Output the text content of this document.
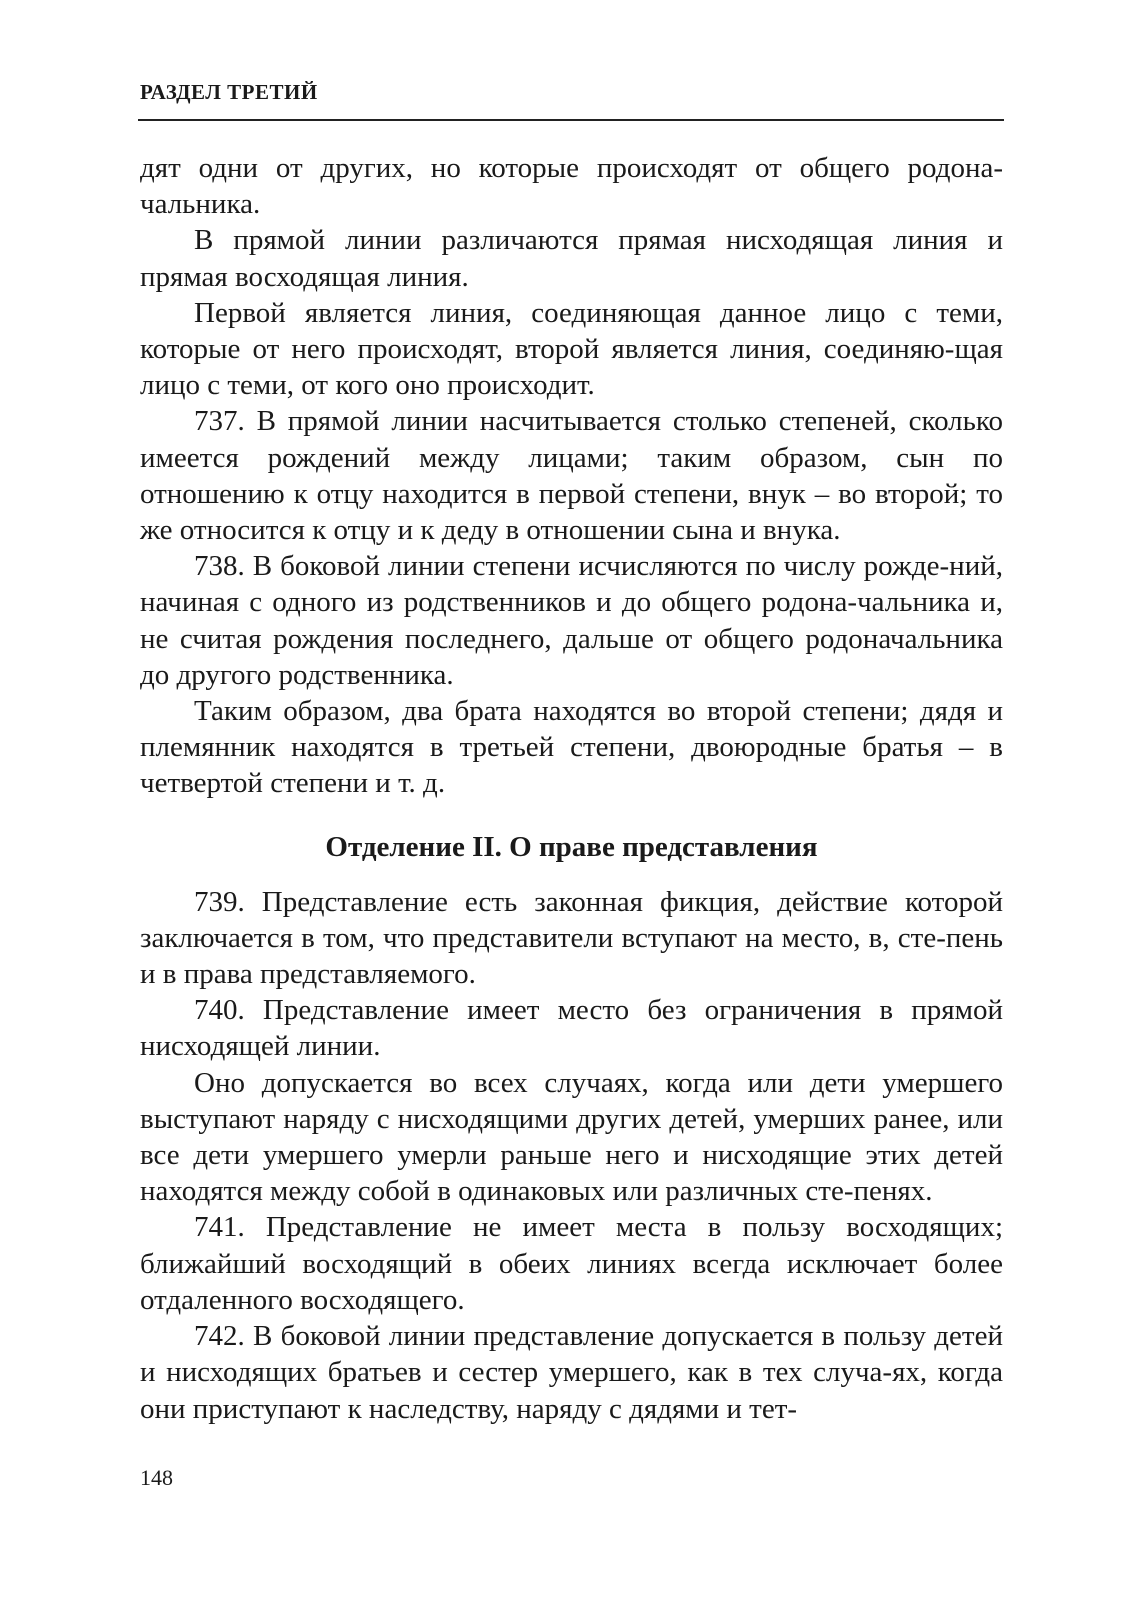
РАЗДЕЛ ТРЕТИЙ

дят одни от других, но которые происходят от общего родона-чальника.

В прямой линии различаются прямая нисходящая линия и прямая восходящая линия.

Первой является линия, соединяющая данное лицо с теми, которые от него происходят, второй является линия, соединяю-щая лицо с теми, от кого оно происходит.

737. В прямой линии насчитывается столько степеней, сколько имеется рождений между лицами; таким образом, сын по отношению к отцу находится в первой степени, внук – во второй; то же относится к отцу и к деду в отношении сына и внука.

738. В боковой линии степени исчисляются по числу рожде-ний, начиная с одного из родственников и до общего родона-чальника и, не считая рождения последнего, дальше от общего родоначальника до другого родственника.

Таким образом, два брата находятся во второй степени; дядя и племянник находятся в третьей степени, двоюродные братья – в четвертой степени и т. д.

Отделение II. О праве представления

739. Представление есть законная фикция, действие которой заключается в том, что представители вступают на место, в, сте-пень и в права представляемого.

740. Представление имеет место без ограничения в прямой нисходящей линии.

Оно допускается во всех случаях, когда или дети умершего выступают наряду с нисходящими других детей, умерших ранее, или все дети умершего умерли раньше него и нисходящие этих детей находятся между собой в одинаковых или различных сте-пенях.

741. Представление не имеет места в пользу восходящих; ближайший восходящий в обеих линиях всегда исключает более отдаленного восходящего.

742. В боковой линии представление допускается в пользу детей и нисходящих братьев и сестер умершего, как в тех случа-ях, когда они приступают к наследству, наряду с дядями и тет-

148
